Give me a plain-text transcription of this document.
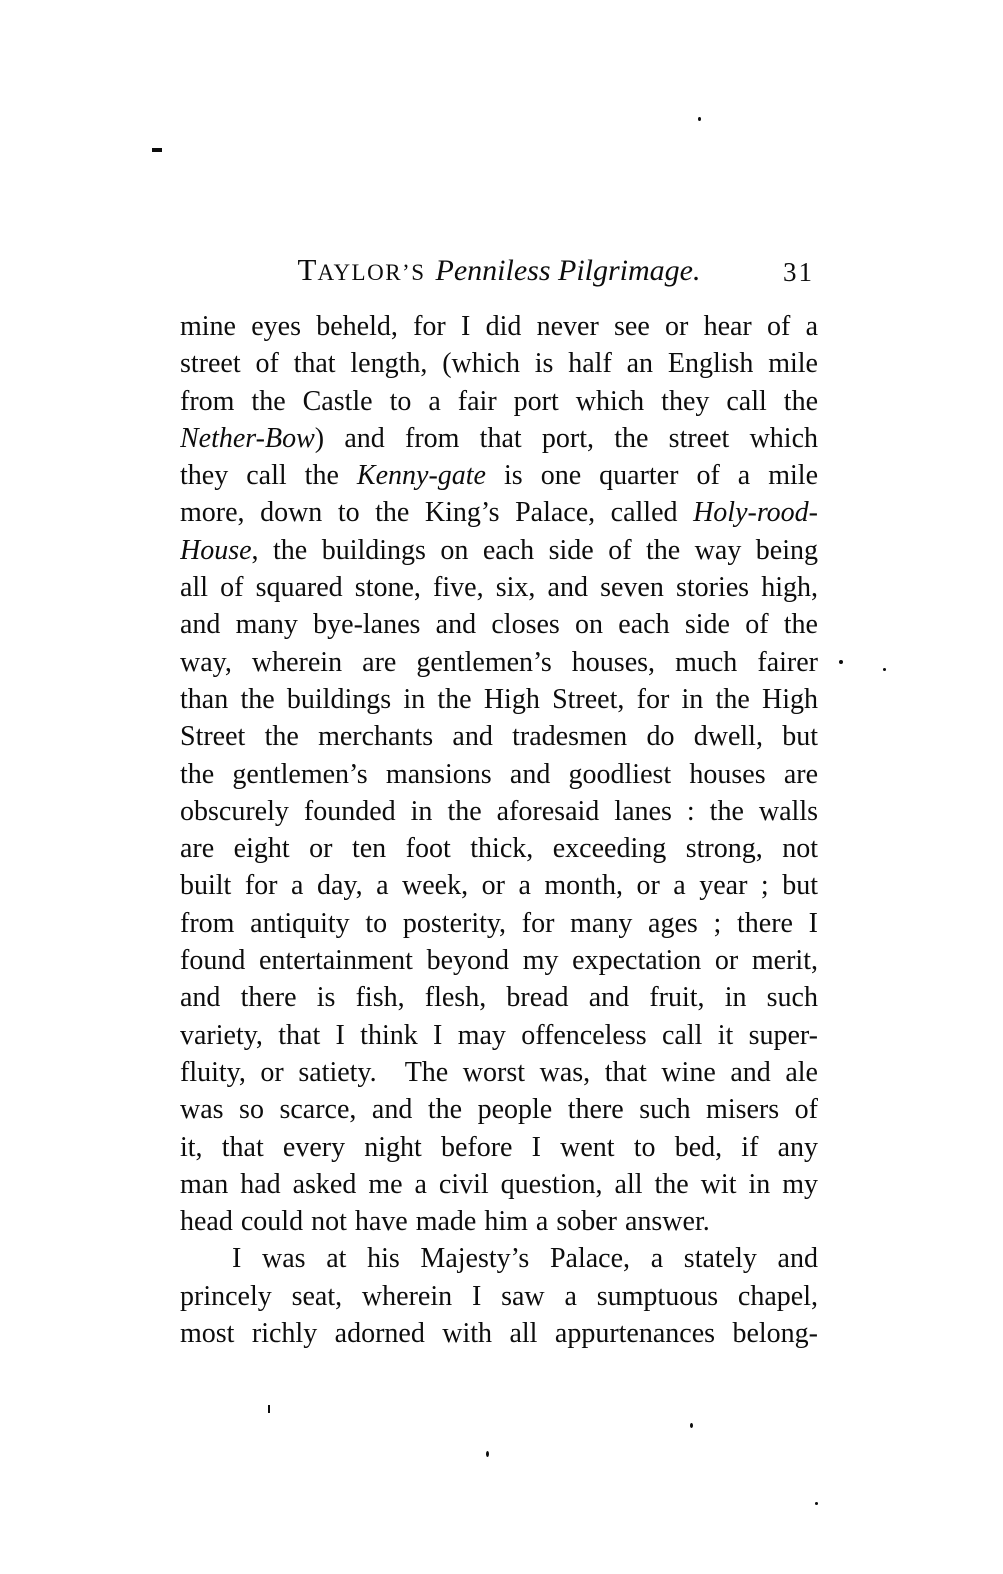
TAYLOR’S Penniless Pilgrimage.	31
mine eyes beheld, for I did never see or hear of a
street of that length, (which is half an English mile
from the Castle to a fair port which they call the
Nether-Bow) and from that port, the street which
they call the Kenny-gate is one quarter of a mile
more, down to the King’s Palace, called Holy-rood-
House, the buildings on each side of the way being
all of squared stone, five, six, and seven stories high,
and many bye-lanes and closes on each side of the
way, wherein are gentlemen’s houses, much fairer
than the buildings in the High Street, for in the High
Street the merchants and tradesmen do dwell, but
the gentlemen’s mansions and goodliest houses are
obscurely founded in the aforesaid lanes : the walls
are eight or ten foot thick, exceeding strong, not
built for a day, a week, or a month, or a year ; but
from antiquity to posterity, for many ages ; there I
found entertainment beyond my expectation or merit,
and there is fish, flesh, bread and fruit, in such
variety, that I think I may offenceless call it super-
fluity, or satiety.  The worst was, that wine and ale
was so scarce, and the people there such misers of
it, that every night before I went to bed, if any
man had asked me a civil question, all the wit in my
head could not have made him a sober answer.
I was at his Majesty’s Palace, a stately and
princely seat, wherein I saw a sumptuous chapel,
most richly adorned with all appurtenances belong-
